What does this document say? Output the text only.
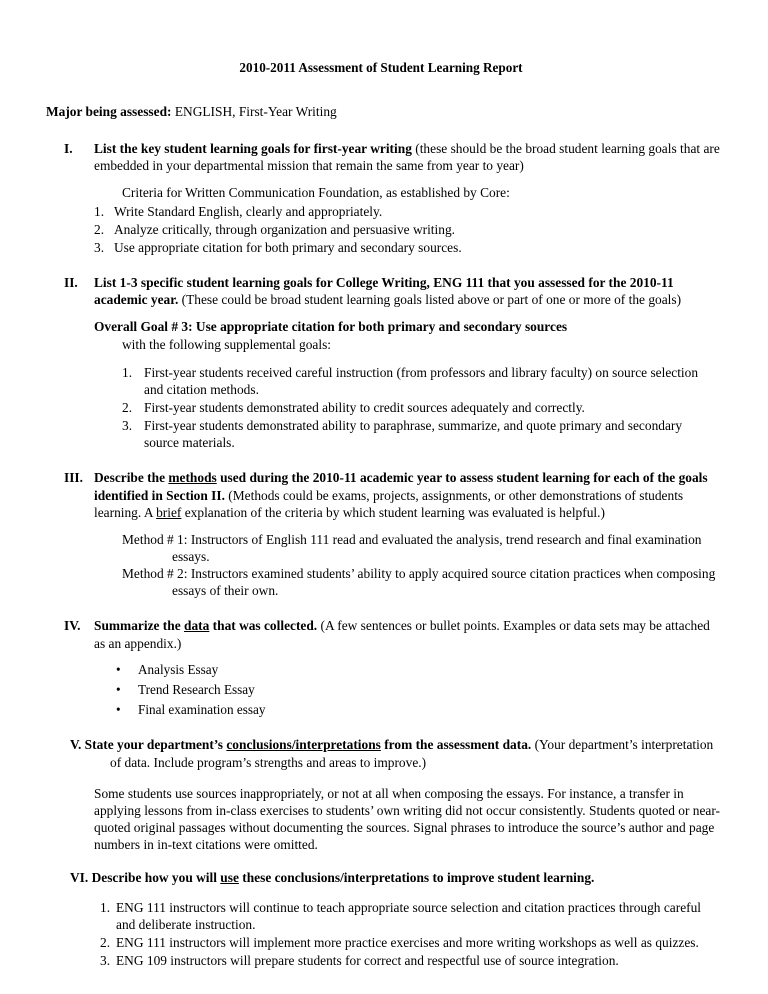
2010-2011 Assessment of Student Learning Report
Major being assessed: ENGLISH, First-Year Writing
I.	List the key student learning goals for first-year writing (these should be the broad student learning goals that are embedded in your departmental mission that remain the same from year to year)
Criteria for Written Communication Foundation, as established by Core:
1. Write Standard English, clearly and appropriately.
2. Analyze critically, through organization and persuasive writing.
3. Use appropriate citation for both primary and secondary sources.
II.	List 1-3 specific student learning goals for College Writing, ENG 111 that you assessed for the 2010-11 academic year. (These could be broad student learning goals listed above or part of one or more of the goals)
Overall Goal # 3: Use appropriate citation for both primary and secondary sources
with the following supplemental goals:
1. First-year students received careful instruction (from professors and library faculty) on source selection and citation methods.
2. First-year students demonstrated ability to credit sources adequately and correctly.
3. First-year students demonstrated ability to paraphrase, summarize, and quote primary and secondary source materials.
III. Describe the methods used during the 2010-11 academic year to assess student learning for each of the goals identified in Section II. (Methods could be exams, projects, assignments, or other demonstrations of students learning. A brief explanation of the criteria by which student learning was evaluated is helpful.)
Method # 1: Instructors of English 111 read and evaluated the analysis, trend research and final examination essays.
Method # 2: Instructors examined students’ ability to apply acquired source citation practices when composing essays of their own.
IV.	Summarize the data that was collected. (A few sentences or bullet points. Examples or data sets may be attached as an appendix.)
•	Analysis Essay
•	Trend Research Essay
•	Final examination essay
V. State your department’s conclusions/interpretations from the assessment data. (Your department’s interpretation of data. Include program’s strengths and areas to improve.)
Some students use sources inappropriately, or not at all when composing the essays. For instance, a transfer in applying lessons from in-class exercises to students’ own writing did not occur consistently. Students quoted or near-quoted original passages without documenting the sources. Signal phrases to introduce the source’s author and page numbers in in-text citations were omitted.
VI. Describe how you will use these conclusions/interpretations to improve student learning.
1. ENG 111 instructors will continue to teach appropriate source selection and citation practices through careful and deliberate instruction.
2. ENG 111 instructors will implement more practice exercises and more writing workshops as well as quizzes.
3. ENG 109 instructors will prepare students for correct and respectful use of source integration.
